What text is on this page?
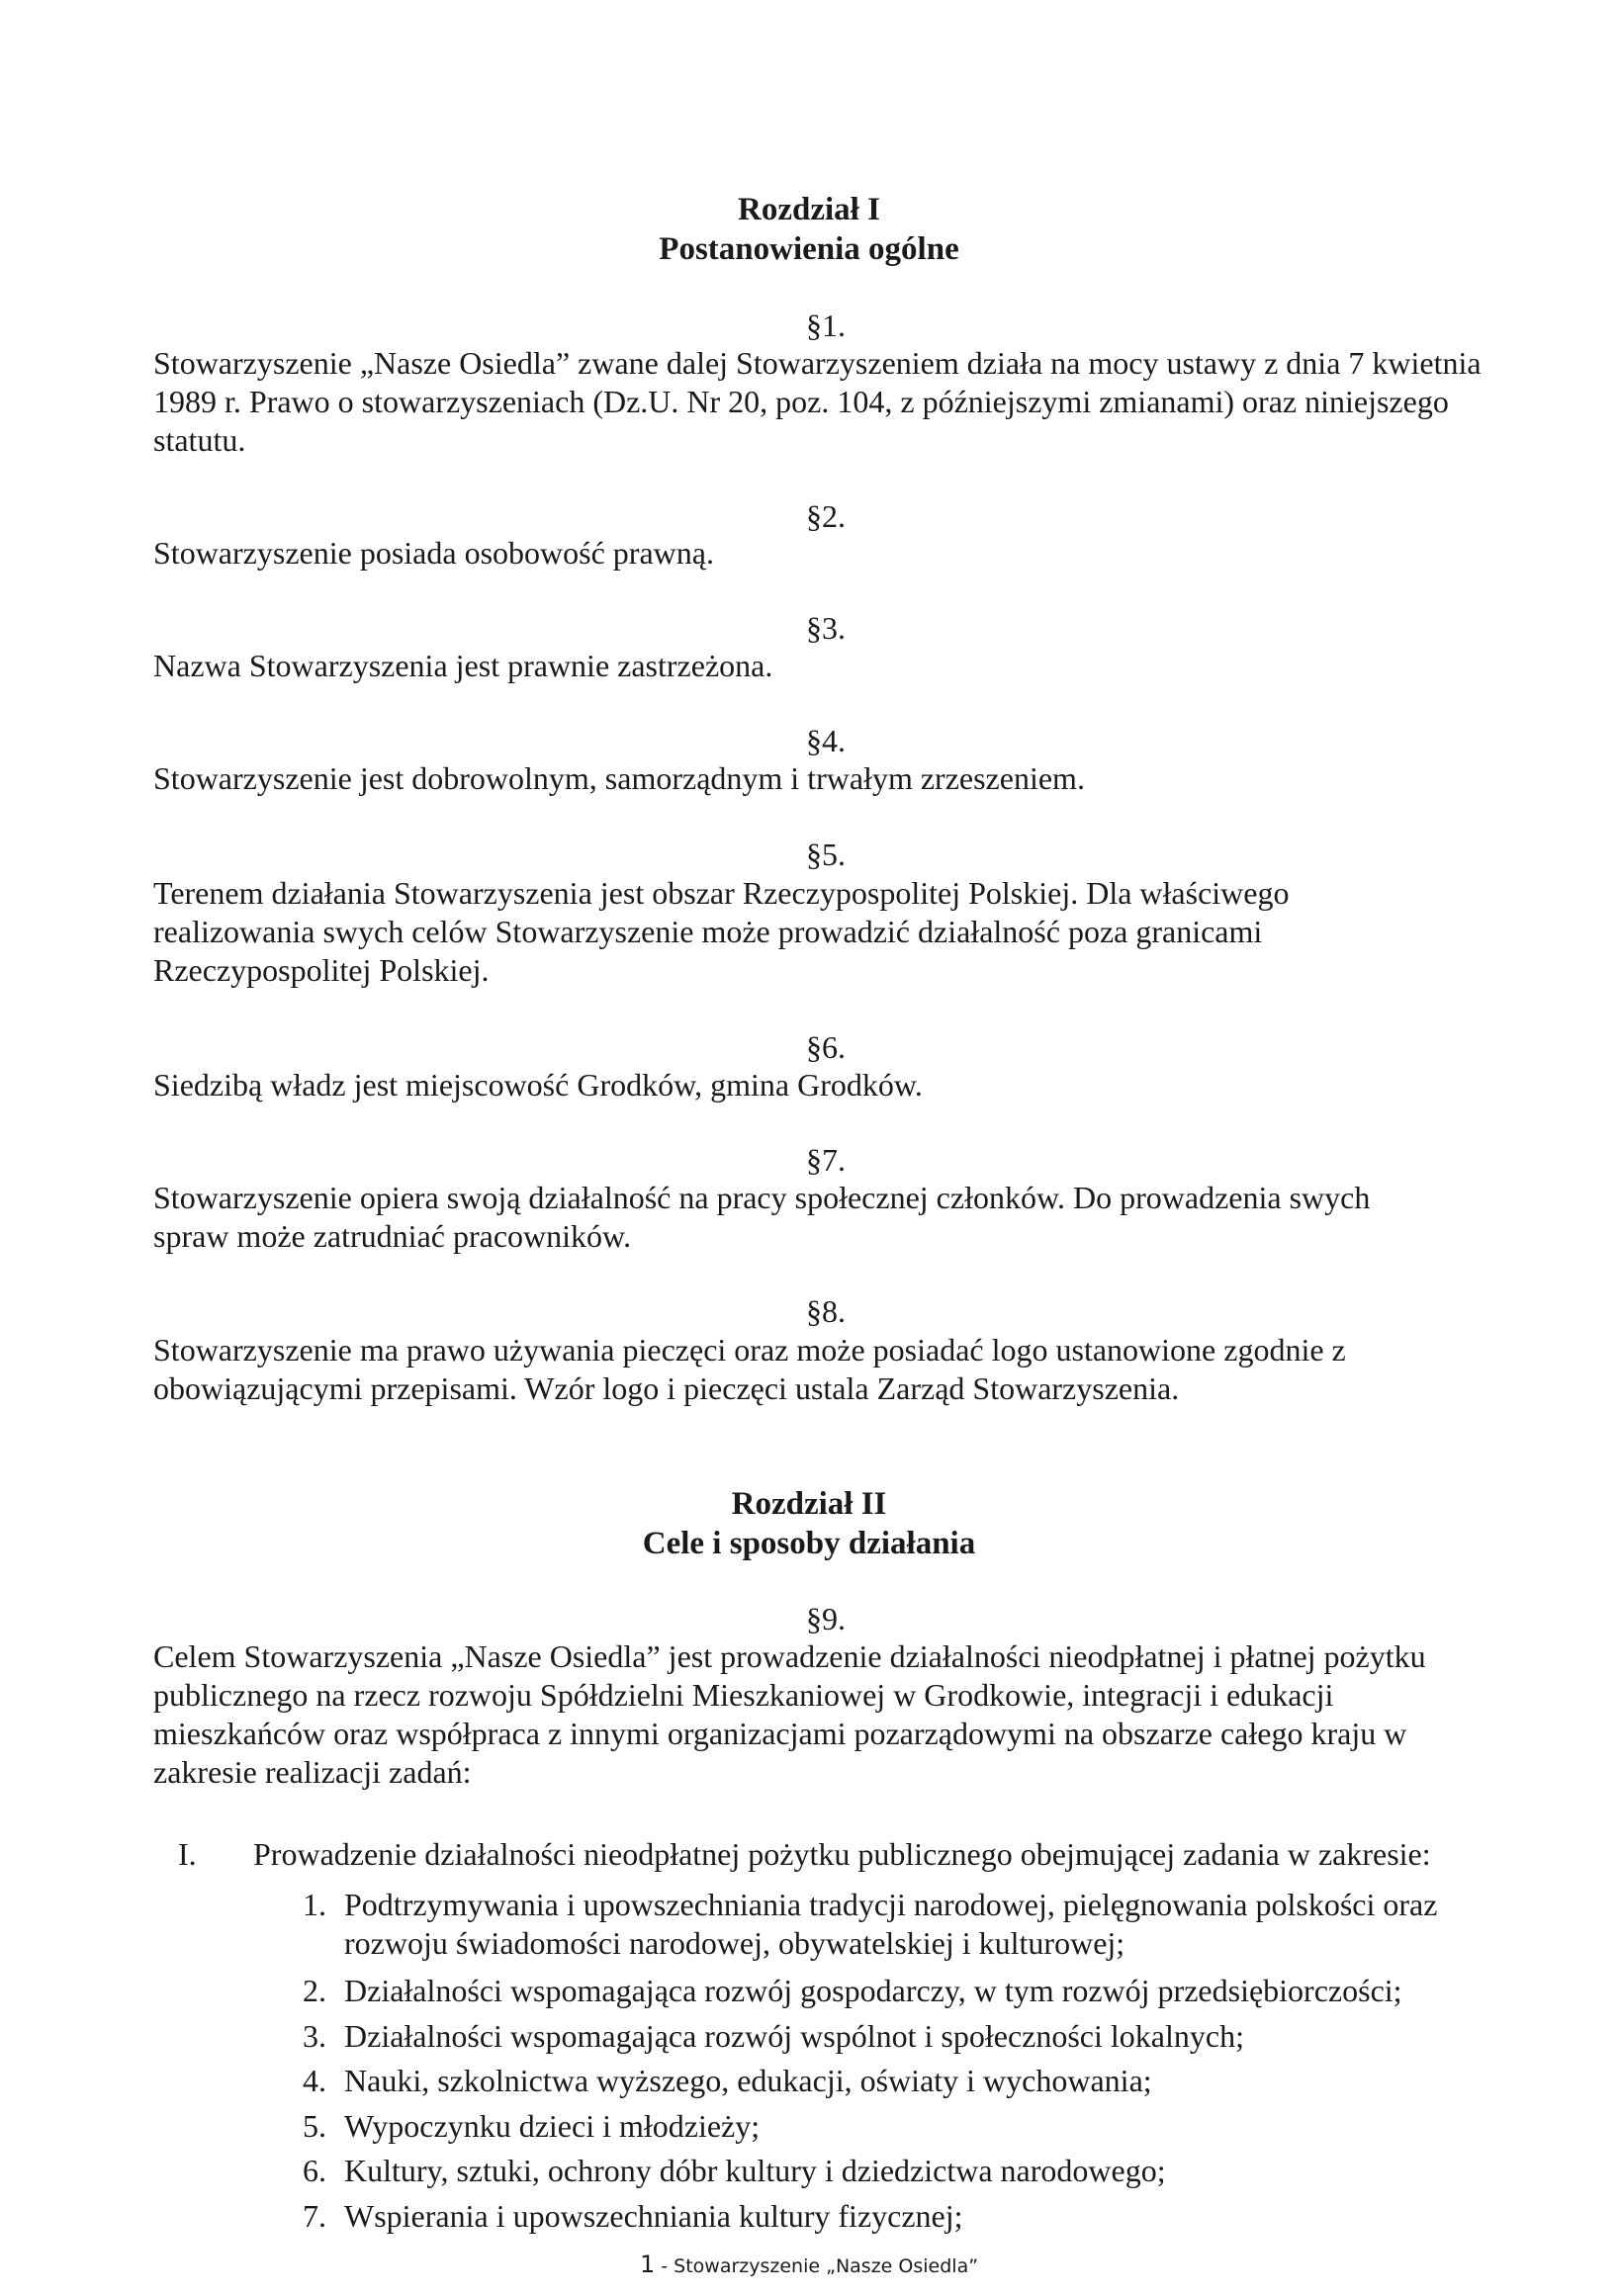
Rozdział I
Postanowienia ogólne
§1.
Stowarzyszenie „Nasze Osiedla” zwane dalej Stowarzyszeniem działa na mocy ustawy z dnia 7 kwietnia 1989 r. Prawo o stowarzyszeniach (Dz.U. Nr 20, poz. 104, z późniejszymi zmianami) oraz niniejszego statutu.
§2.
Stowarzyszenie posiada osobowość prawną.
§3.
Nazwa Stowarzyszenia jest prawnie zastrzeżona.
§4.
Stowarzyszenie jest dobrowolnym, samorządnym i trwałym zrzeszeniem.
§5.
Terenem działania Stowarzyszenia jest obszar Rzeczypospolitej Polskiej. Dla właściwego realizowania swych celów Stowarzyszenie może prowadzić działalność poza granicami Rzeczypospolitej Polskiej.
§6.
Siedzibą władz jest miejscowość Grodków, gmina Grodków.
§7.
Stowarzyszenie opiera swoją działalność na pracy społecznej członków. Do prowadzenia swych spraw może zatrudniać pracowników.
§8.
Stowarzyszenie ma prawo używania pieczęci oraz może posiadać logo ustanowione zgodnie z obowiązującymi przepisami. Wzór logo i pieczęci ustala Zarząd Stowarzyszenia.
Rozdział II
Cele i sposoby działania
§9.
Celem Stowarzyszenia „Nasze Osiedla” jest prowadzenie działalności nieodpłatnej i płatnej pożytku publicznego na rzecz rozwoju Spółdzielni Mieszkaniowej w Grodkowie, integracji i edukacji mieszkańców oraz współpraca z innymi organizacjami pozarządowymi na obszarze całego kraju w zakresie realizacji zadań:
I. Prowadzenie działalności nieodpłatnej pożytku publicznego obejmującej zadania w zakresie:
1. Podtrzymywania i upowszechniania tradycji narodowej, pielęgnowania polskości oraz rozwoju świadomości narodowej, obywatelskiej i kulturowej;
2. Działalności wspomagająca rozwój gospodarczy, w tym rozwój przedsiębiorczości;
3. Działalności wspomagająca rozwój wspólnot i społeczności lokalnych;
4. Nauki, szkolnictwa wyższego, edukacji, oświaty i wychowania;
5. Wypoczynku dzieci i młodzieży;
6. Kultury, sztuki, ochrony dóbr kultury i dziedzictwa narodowego;
7. Wspierania i upowszechniania kultury fizycznej;
1 - Stowarzyszenie „Nasze Osiedla”
